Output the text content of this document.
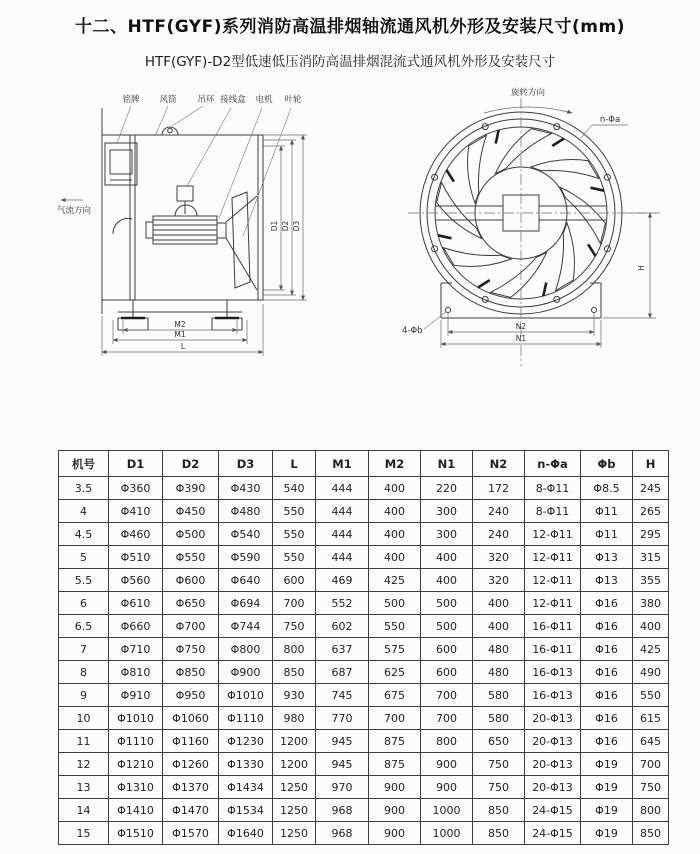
十二、HTF(GYF)系列消防高温排烟轴流通风机外形及安装尺寸(mm)
HTF(GYF)-D2型低速低压消防高温排烟混流式通风机外形及安装尺寸
铭牌 风筒 吊环 接线盒 电机 叶轮
气流方向
M2
M1
L
D1 D2 D3
旋转方向
n-Φa
4-Φb
H
N2
N1
机号	D1	D2	D3	L	M1	M2	N1	N2	n-Φa	Φb	H
3.5	Φ360	Φ390	Φ430	540	444	400	220	172	8-Φ11	Φ8.5	245
4	Φ410	Φ450	Φ480	550	444	400	300	240	8-Φ11	Φ11	265
4.5	Φ460	Φ500	Φ540	550	444	400	300	240	12-Φ11	Φ11	295
5	Φ510	Φ550	Φ590	550	444	400	400	320	12-Φ11	Φ13	315
5.5	Φ560	Φ600	Φ640	600	469	425	400	320	12-Φ11	Φ13	355
6	Φ610	Φ650	Φ694	700	552	500	500	400	12-Φ11	Φ16	380
6.5	Φ660	Φ700	Φ744	750	602	550	500	400	16-Φ11	Φ16	400
7	Φ710	Φ750	Φ800	800	637	575	600	480	16-Φ11	Φ16	425
8	Φ810	Φ850	Φ900	850	687	625	600	480	16-Φ13	Φ16	490
9	Φ910	Φ950	Φ1010	930	745	675	700	580	16-Φ13	Φ16	550
10	Φ1010	Φ1060	Φ1110	980	770	700	700	580	20-Φ13	Φ16	615
11	Φ1110	Φ1160	Φ1230	1200	945	875	800	650	20-Φ13	Φ16	645
12	Φ1210	Φ1260	Φ1330	1200	945	875	900	750	20-Φ13	Φ19	700
13	Φ1310	Φ1370	Φ1434	1250	970	900	900	750	20-Φ13	Φ19	750
14	Φ1410	Φ1470	Φ1534	1250	968	900	1000	850	24-Φ15	Φ19	800
15	Φ1510	Φ1570	Φ1640	1250	968	900	1000	850	24-Φ15	Φ19	850
